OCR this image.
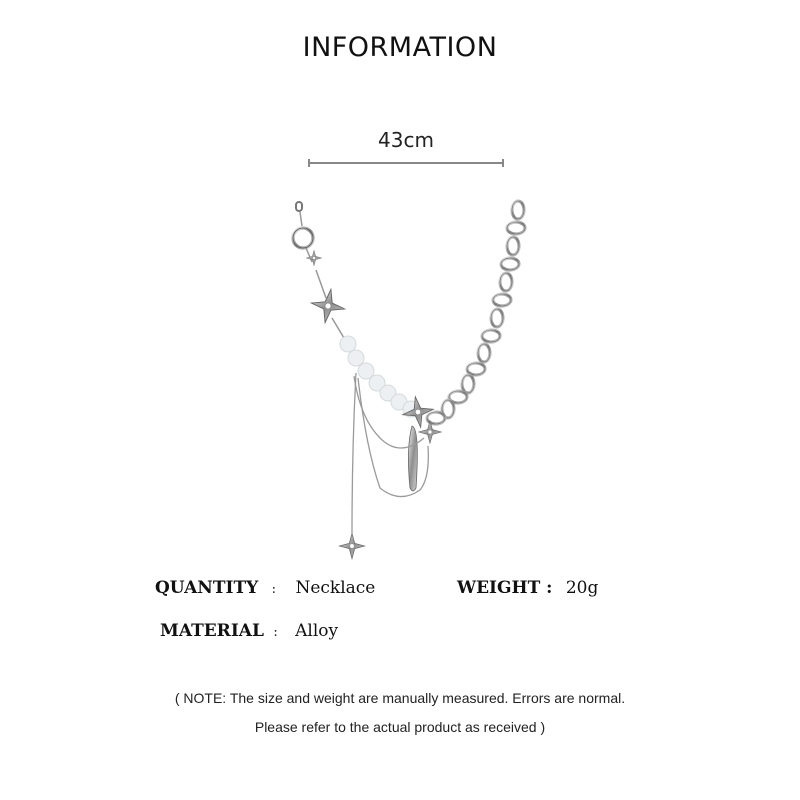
INFORMATION
43cm
QUANTITY : Necklace	WEIGHT : 20g
MATERIAL : Alloy
( NOTE: The size and weight are manually measured. Errors are normal.
Please refer to the actual product as received )
